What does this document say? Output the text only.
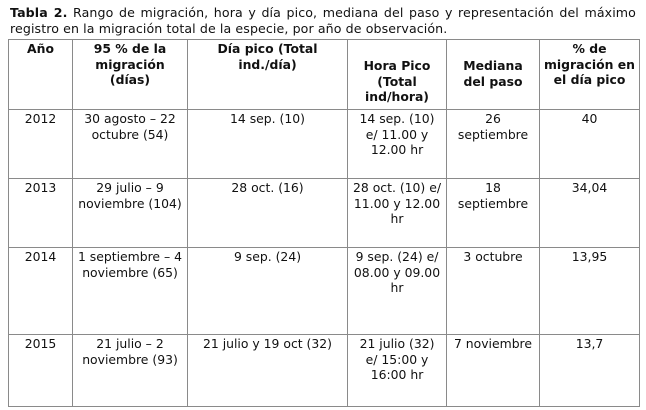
Tabla 2. Rango de migración, hora y día pico, mediana del paso y representación del máximo registro en la migración total de la especie, por año de observación.
Año	95 % de la migración (días)	Día pico (Total ind./día)	Hora Pico (Total ind/hora)	Mediana del paso	% de migración en el día pico
2012	30 agosto – 22 octubre (54)	14 sep. (10)	14 sep. (10) e/ 11.00 y 12.00 hr	26 septiembre	40
2013	29 julio – 9 noviembre (104)	28 oct. (16)	28 oct. (10) e/ 11.00 y 12.00 hr	18 septiembre	34,04
2014	1 septiembre – 4 noviembre (65)	9 sep. (24)	9 sep. (24) e/ 08.00 y 09.00 hr	3 octubre	13,95
2015	21 julio – 2 noviembre (93)	21 julio y 19 oct (32)	21 julio (32) e/ 15:00 y 16:00 hr	7 noviembre	13,7
